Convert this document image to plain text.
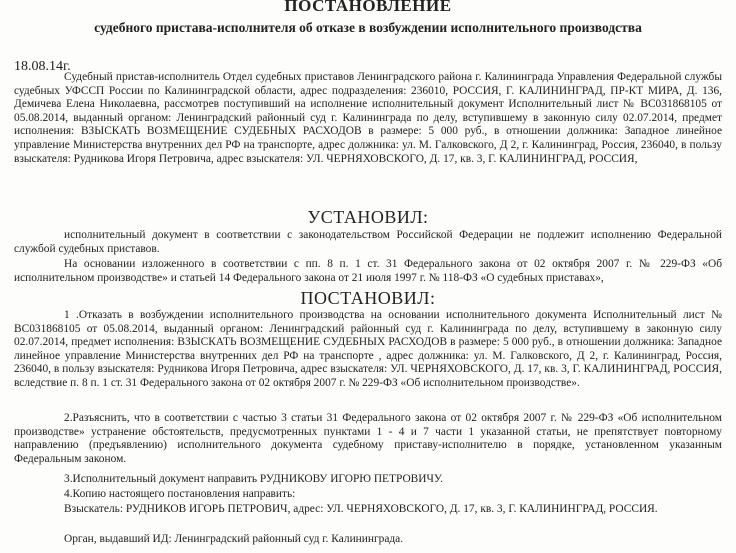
ПОСТАНОВЛЕНИЕ
судебного пристава-исполнителя об отказе в возбуждении исполнительного производства
18.08.14г.

Судебный пристав-исполнитель Отдел судебных приставов Ленинградского района г. Калининграда Управления Федеральной службы судебных УФССП России по Калининградской области, адрес подразделения: 236010, РОССИЯ, Г. КАЛИНИНГРАД, ПР-КТ МИРА, Д. 136, Демичева Елена Николаевна, рассмотрев поступивший на исполнение исполнительный документ Исполнительный лист № ВС031868105 от 05.08.2014, выданный органом: Ленинградский районный суд г. Калининграда по делу, вступившему в законную силу 02.07.2014, предмет исполнения: ВЗЫСКАТЬ ВОЗМЕЩЕНИЕ СУДЕБНЫХ РАСХОДОВ в размере: 5 000 руб., в отношении должника: Западное линейное управление Министерства внутренних дел РФ на транспорте, адрес должника: ул. М. Галковского, Д 2, г. Калининград, Россия, 236040, в пользу взыскателя: Рудникова Игоря Петровича, адрес взыскателя: УЛ. ЧЕРНЯХОВСКОГО, Д. 17, кв. 3, Г. КАЛИНИНГРАД, РОССИЯ,

УСТАНОВИЛ:

исполнительный документ в соответствии с законодательством Российской Федерации не подлежит исполнению Федеральной службой судебных приставов.

На основании изложенного в соответствии с пп. 8 п. 1 ст. 31 Федерального закона от 02 октября 2007 г. № 229-ФЗ «Об исполнительном производстве» и статьей 14 Федерального закона от 21 июля 1997 г. № 118-ФЗ «О судебных приставах»,

ПОСТАНОВИЛ:

1 .Отказать в возбуждении исполнительного производства на основании исполнительного документа Исполнительный лист № ВС031868105 от 05.08.2014, выданный органом: Ленинградский районный суд г. Калининграда по делу, вступившему в законную силу 02.07.2014, предмет исполнения: ВЗЫСКАТЬ ВОЗМЕЩЕНИЕ СУДЕБНЫХ РАСХОДОВ в размере: 5 000 руб., в отношении должника: Западное линейное управление Министерства внутренних дел РФ на транспорте , адрес должника: ул. М. Галковского, Д 2, г. Калининград, Россия, 236040, в пользу взыскателя: Рудникова Игоря Петровича, адрес взыскателя: УЛ. ЧЕРНЯХОВСКОГО, Д. 17, кв. 3, Г. КАЛИНИНГРАД, РОССИЯ, вследствие п. 8 п. 1 ст. 31 Федерального закона от 02 октября 2007 г. № 229-ФЗ «Об исполнительном производстве».

2.Разъяснить, что в соответствии с частью 3 статьи 31 Федерального закона от 02 октября 2007 г. № 229-ФЗ «Об исполнительном производстве» устранение обстоятельств, предусмотренных пунктами 1 - 4 и 7 части 1 указанной статьи, не препятствует повторному направлению (предъявлению) исполнительного документа судебному приставу-исполнителю в порядке, установленном указанным Федеральным законом.

3.Исполнительный документ направить РУДНИКОВУ ИГОРЮ ПЕТРОВИЧУ.

4.Копию настоящего постановления направить:

Взыскатель: РУДНИКОВ ИГОРЬ ПЕТРОВИЧ, адрес: УЛ. ЧЕРНЯХОВСКОГО, Д. 17, кв. 3, Г. КАЛИНИНГРАД, РОССИЯ.

Орган, выдавший ИД: Ленинградский районный суд г. Калининграда.
